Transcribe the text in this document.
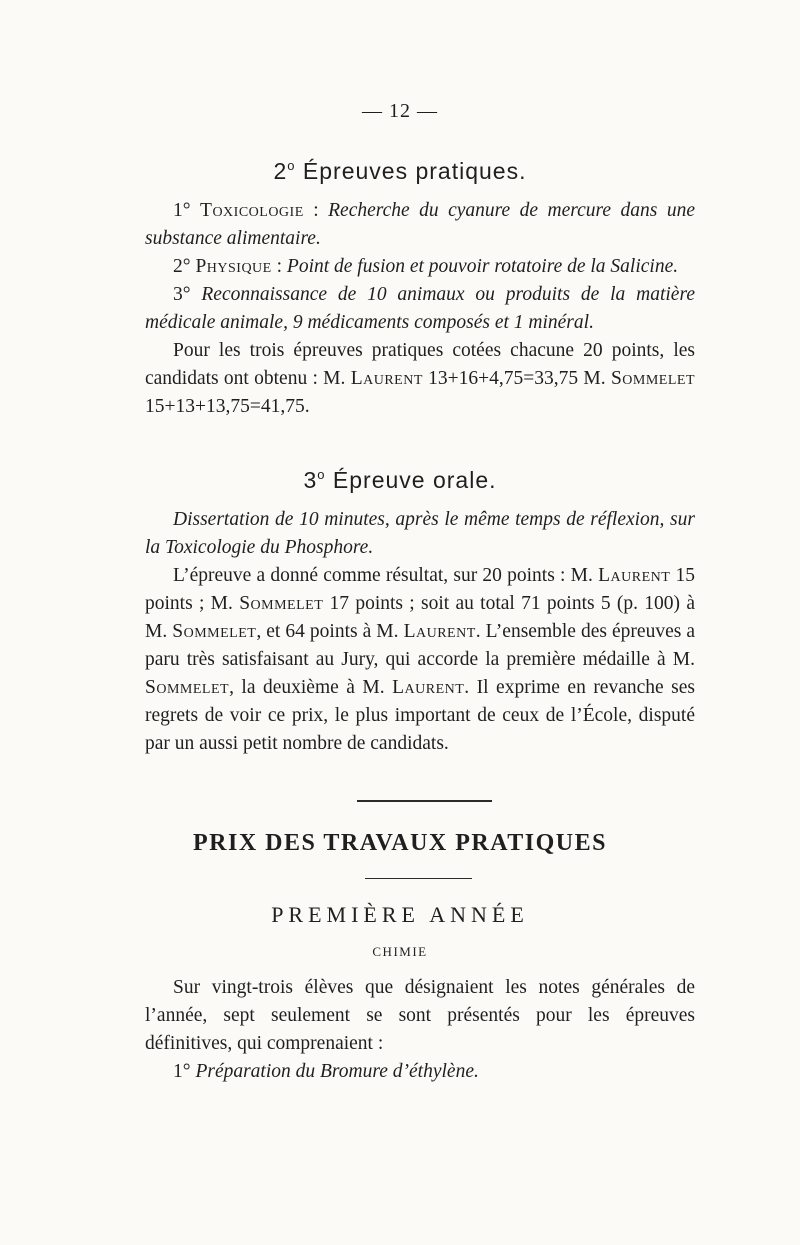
— 12 —
2$^o$ Épreuves pratiques.

1° Toxicologie : Recherche du cyanure de mercure dans une substance alimentaire.

2° Physique : Point de fusion et pouvoir rotatoire de la Salicine.

3° Reconnaissance de 10 animaux ou produits de la matière médicale animale, 9 médicaments composés et 1 minéral.

Pour les trois épreuves pratiques cotées chacune 20 points, les candidats ont obtenu : M. Laurent 13+16+4,75=33,75 M. Sommelet 15+13+13,75=41,75.

3$^o$ Épreuve orale.

Dissertation de 10 minutes, après le même temps de réflexion, sur la Toxicologie du Phosphore.

L’épreuve a donné comme résultat, sur 20 points : M. Laurent 15 points ; M. Sommelet 17 points ; soit au total 71 points 5 (p. 100) à M. Sommelet, et 64 points à M. Laurent. L’ensemble des épreuves a paru très satisfaisant au Jury, qui accorde la première médaille à M. Sommelet, la deuxième à M. Laurent. Il exprime en revanche ses regrets de voir ce prix, le plus important de ceux de l’École, disputé par un aussi petit nombre de candidats.

PRIX DES TRAVAUX PRATIQUES
PREMIÈRE ANNÉE
CHIMIE

Sur vingt-trois élèves que désignaient les notes générales de l’année, sept seulement se sont présentés pour les épreuves définitives, qui comprenaient :

1° Préparation du Bromure d’éthylène.
